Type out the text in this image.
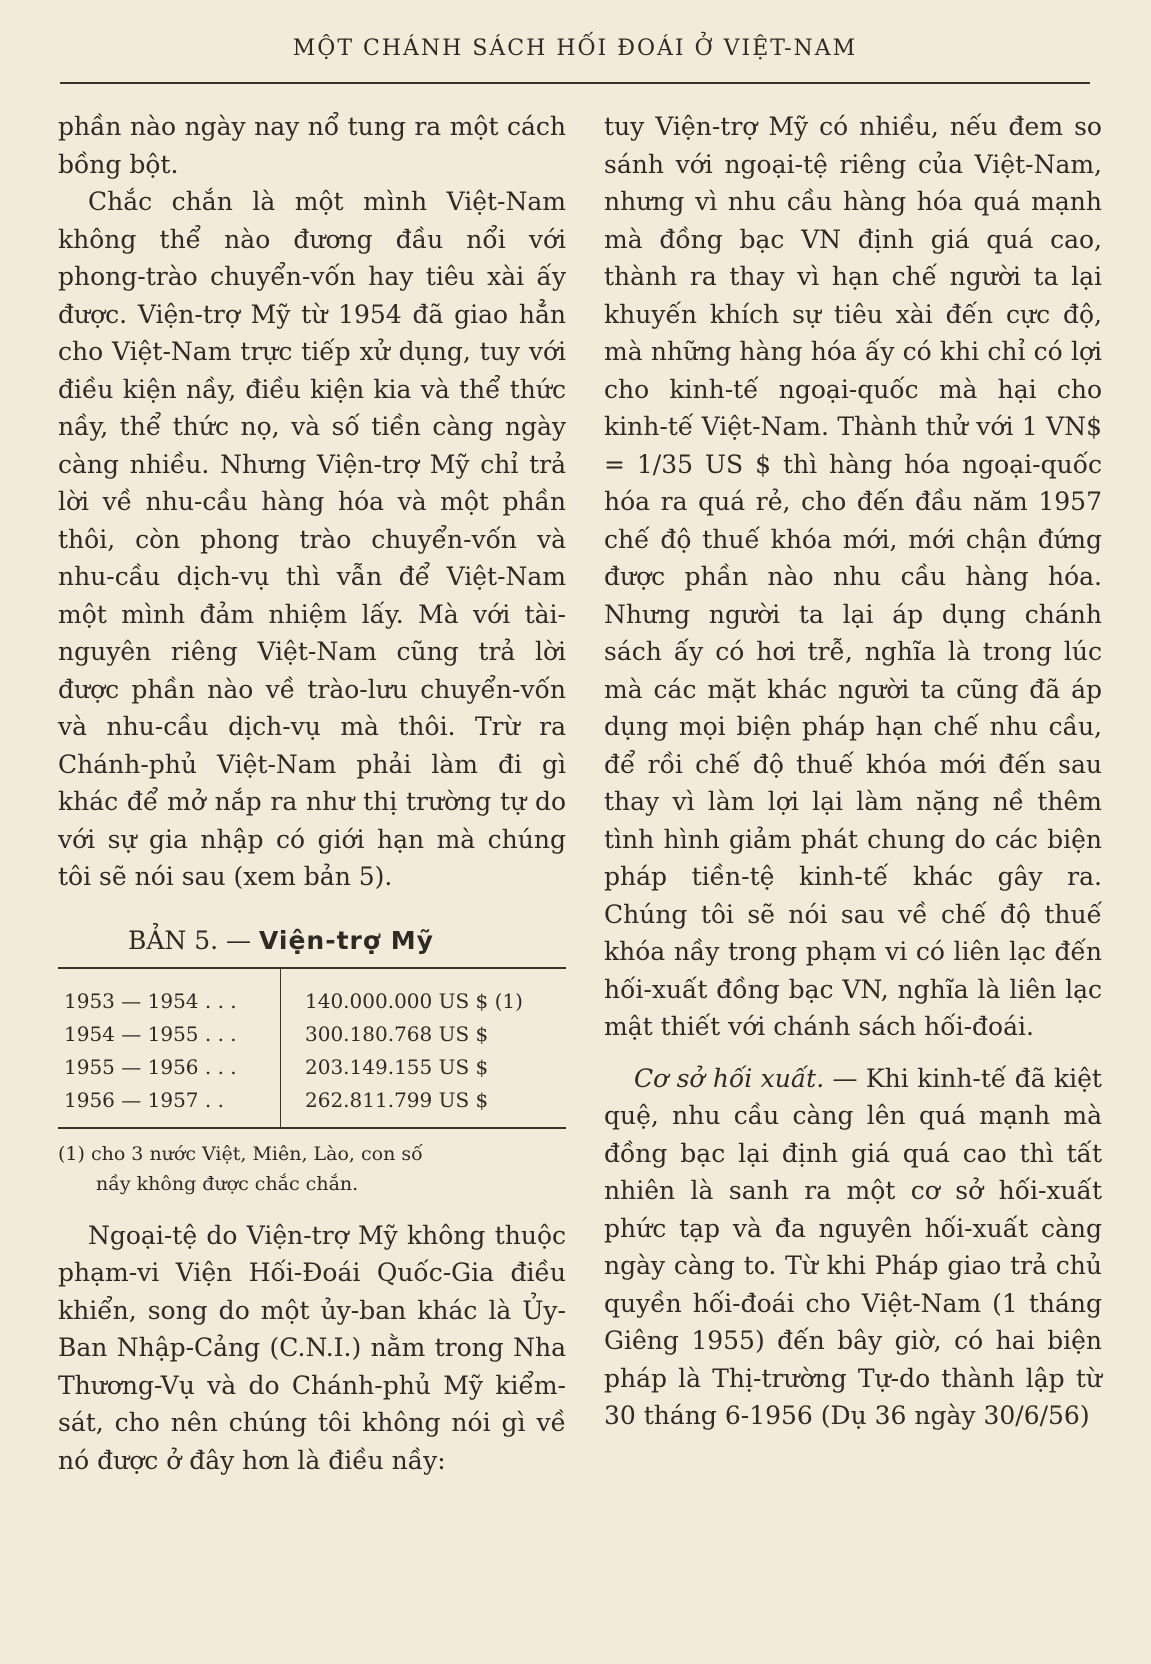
MỘT CHÁNH SÁCH HỐI ĐOÁI Ở VIỆT-NAM

phần nào ngày nay nổ tung ra một cách bồng bột.

Chắc chắn là một mình Việt-Nam không thể nào đương đầu nổi với phong-trào chuyển-vốn hay tiêu xài ấy được. Viện-trợ Mỹ từ 1954 đã giao hẳn cho Việt-Nam trực tiếp xử dụng, tuy với điều kiện nầy, điều kiện kia và thể thức nầy, thể thức nọ, và số tiền càng ngày càng nhiều. Nhưng Viện-trợ Mỹ chỉ trả lời về nhu-cầu hàng hóa và một phần thôi, còn phong trào chuyển-vốn và nhu-cầu dịch-vụ thì vẫn để Việt-Nam một mình đảm nhiệm lấy. Mà với tài-nguyên riêng Việt-Nam cũng trả lời được phần nào về trào-lưu chuyển-vốn và nhu-cầu dịch-vụ mà thôi. Trừ ra Chánh-phủ Việt-Nam phải làm đi gì khác để mở nắp ra như thị trường tự do với sự gia nhập có giới hạn mà chúng tôi sẽ nói sau (xem bản 5).

BẢN 5. — Viện-trợ Mỹ
1953 — 1954 . . .	140.000.000 US $ (1)
1954 — 1955 . . .	300.180.768 US $
1955 — 1956 . . .	203.149.155 US $
1956 — 1957 . .	262.811.799 US $
(1) cho 3 nước Việt, Miên, Lào, con số
nầy không được chắc chắn.

Ngoại-tệ do Viện-trợ Mỹ không thuộc phạm-vi Viện Hối-Đoái Quốc-Gia điều khiển, song do một ủy-ban khác là Ủy-Ban Nhập-Cảng (C.N.I.) nằm trong Nha Thương-Vụ và do Chánh-phủ Mỹ kiểm-sát, cho nên chúng tôi không nói gì về nó được ở đây hơn là điều nầy:

tuy Viện-trợ Mỹ có nhiều, nếu đem so sánh với ngoại-tệ riêng của Việt-Nam, nhưng vì nhu cầu hàng hóa quá mạnh mà đồng bạc VN định giá quá cao, thành ra thay vì hạn chế người ta lại khuyến khích sự tiêu xài đến cực độ, mà những hàng hóa ấy có khi chỉ có lợi cho kinh-tế ngoại-quốc mà hại cho kinh-tế Việt-Nam. Thành thử với 1 VN$ = 1/35 US $ thì hàng hóa ngoại-quốc hóa ra quá rẻ, cho đến đầu năm 1957 chế độ thuế khóa mới, mới chận đứng được phần nào nhu cầu hàng hóa. Nhưng người ta lại áp dụng chánh sách ấy có hơi trễ, nghĩa là trong lúc mà các mặt khác người ta cũng đã áp dụng mọi biện pháp hạn chế nhu cầu, để rồi chế độ thuế khóa mới đến sau thay vì làm lợi lại làm nặng nề thêm tình hình giảm phát chung do các biện pháp tiền-tệ kinh-tế khác gây ra. Chúng tôi sẽ nói sau về chế độ thuế khóa nầy trong phạm vi có liên lạc đến hối-xuất đồng bạc VN, nghĩa là liên lạc mật thiết với chánh sách hối-đoái.

Cơ sở hối xuất. — Khi kinh-tế đã kiệt quệ, nhu cầu càng lên quá mạnh mà đồng bạc lại định giá quá cao thì tất nhiên là sanh ra một cơ sở hối-xuất phức tạp và đa nguyên hối-xuất càng ngày càng to. Từ khi Pháp giao trả chủ quyền hối-đoái cho Việt-Nam (1 tháng Giêng 1955) đến bây giờ, có hai biện pháp là Thị-trường Tự-do thành lập từ 30 tháng 6-1956 (Dụ 36 ngày 30/6/56)
